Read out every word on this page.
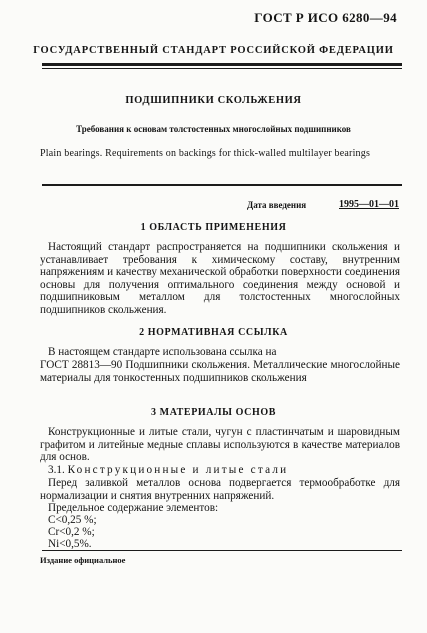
ГОСТ Р ИСО 6280—94
ГОСУДАРСТВЕННЫЙ СТАНДАРТ РОССИЙСКОЙ ФЕДЕРАЦИИ
ПОДШИПНИКИ СКОЛЬЖЕНИЯ
Требования к основам толстостенных многослойных подшипников
Plain bearings. Requirements on backings for thick-walled multilayer bearings
Дата введения	1995—01—01
1 ОБЛАСТЬ ПРИМЕНЕНИЯ
Настоящий стандарт распространяется на подшипники скольжения и устанавливает требования к химическому составу, внутренним напряжениям и качеству механической обработки поверхности соединения основы для получения оптимального соединения между основой и подшипниковым металлом для толстостенных многослойных подшипников скольжения.
2 НОРМАТИВНАЯ ССЫЛКА
В настоящем стандарте использована ссылка на
ГОСТ 28813—90 Подшипники скольжения. Металлические многослойные материалы для тонкостенных подшипников скольжения
3 МАТЕРИАЛЫ ОСНОВ
Конструкционные и литые стали, чугун с пластинчатым и шаровидным графитом и литейные медные сплавы используются в качестве материалов для основ.
3.1. Конструкционные и литые стали
Перед заливкой металлов основа подвергается термообработке для нормализации и снятия внутренних напряжений.
Предельное содержание элементов:
C<0,25 %;
Cr<0,2 %;
Ni<0,5%.
Издание официальное
